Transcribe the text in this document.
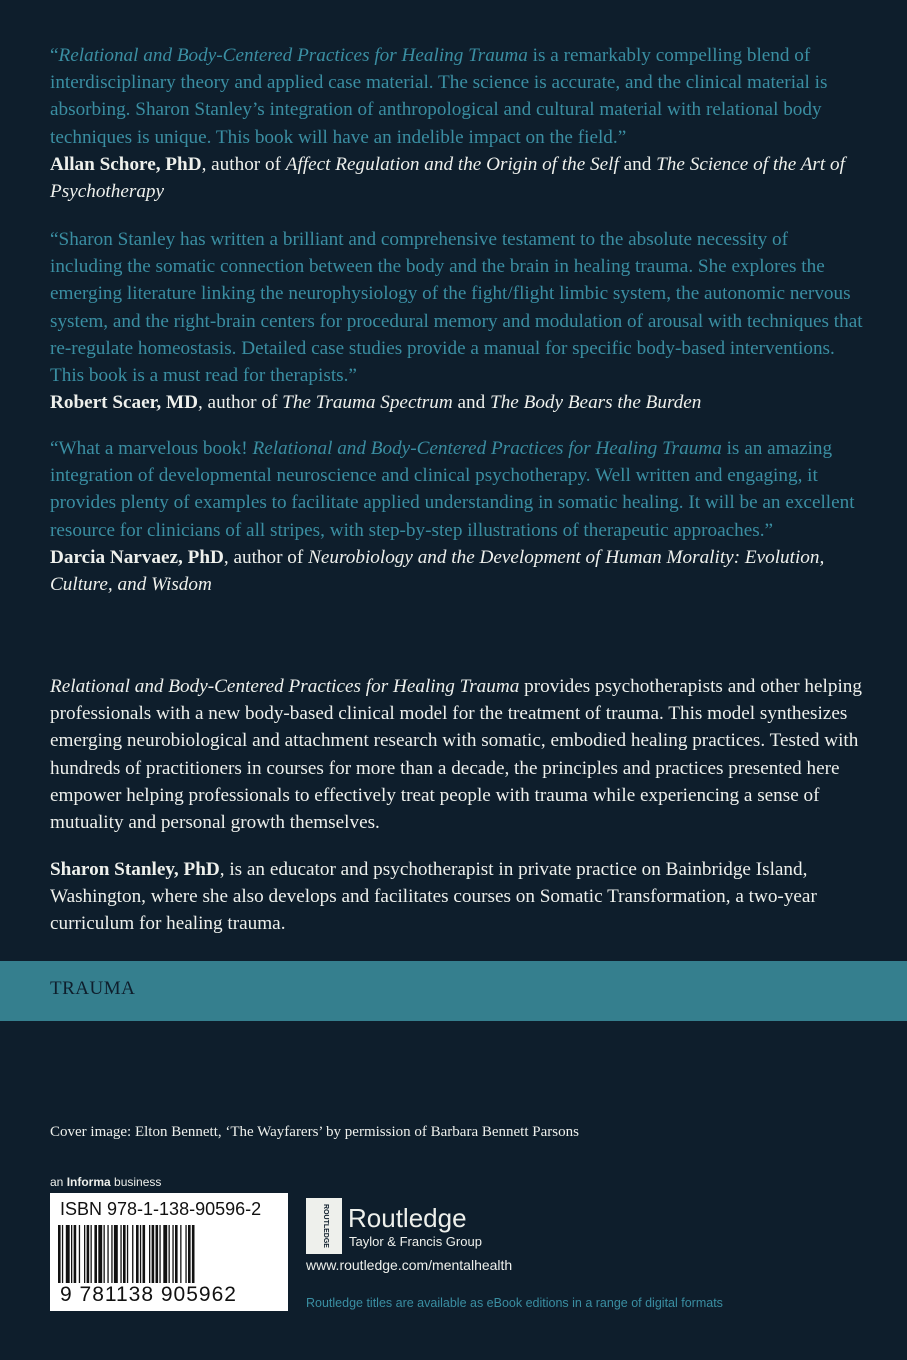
“Relational and Body-Centered Practices for Healing Trauma is a remarkably compelling blend of interdisciplinary theory and applied case material. The science is accurate, and the clinical material is absorbing. Sharon Stanley’s integration of anthropological and cultural material with relational body techniques is unique. This book will have an indelible impact on the field.”
Allan Schore, PhD, author of Affect Regulation and the Origin of the Self and The Science of the Art of Psychotherapy
“Sharon Stanley has written a brilliant and comprehensive testament to the absolute necessity of including the somatic connection between the body and the brain in healing trauma. She explores the emerging literature linking the neurophysiology of the fight/flight limbic system, the autonomic nervous system, and the right-brain centers for procedural memory and modulation of arousal with techniques that re-regulate homeostasis. Detailed case studies provide a manual for specific body-based interventions. This book is a must read for therapists.”
Robert Scaer, MD, author of The Trauma Spectrum and The Body Bears the Burden
“What a marvelous book! Relational and Body-Centered Practices for Healing Trauma is an amazing integration of developmental neuroscience and clinical psychotherapy. Well written and engaging, it provides plenty of examples to facilitate applied understanding in somatic healing. It will be an excellent resource for clinicians of all stripes, with step-by-step illustrations of therapeutic approaches.”
Darcia Narvaez, PhD, author of Neurobiology and the Development of Human Morality: Evolution, Culture, and Wisdom
Relational and Body-Centered Practices for Healing Trauma provides psychotherapists and other helping professionals with a new body-based clinical model for the treatment of trauma. This model synthesizes emerging neurobiological and attachment research with somatic, embodied healing practices. Tested with hundreds of practitioners in courses for more than a decade, the principles and practices presented here empower helping professionals to effectively treat people with trauma while experiencing a sense of mutuality and personal growth themselves.
Sharon Stanley, PhD, is an educator and psychotherapist in private practice on Bainbridge Island, Washington, where she also develops and facilitates courses on Somatic Transformation, a two-year curriculum for healing trauma.
TRAUMA
Cover image: Elton Bennett, ‘The Wayfarers’ by permission of Barbara Bennett Parsons
an Informa business
ISBN 978-1-138-90596-2
9 781138 905962
ROUTLEDGE Routledge
Taylor & Francis Group
www.routledge.com/mentalhealth
Routledge titles are available as eBook editions in a range of digital formats
